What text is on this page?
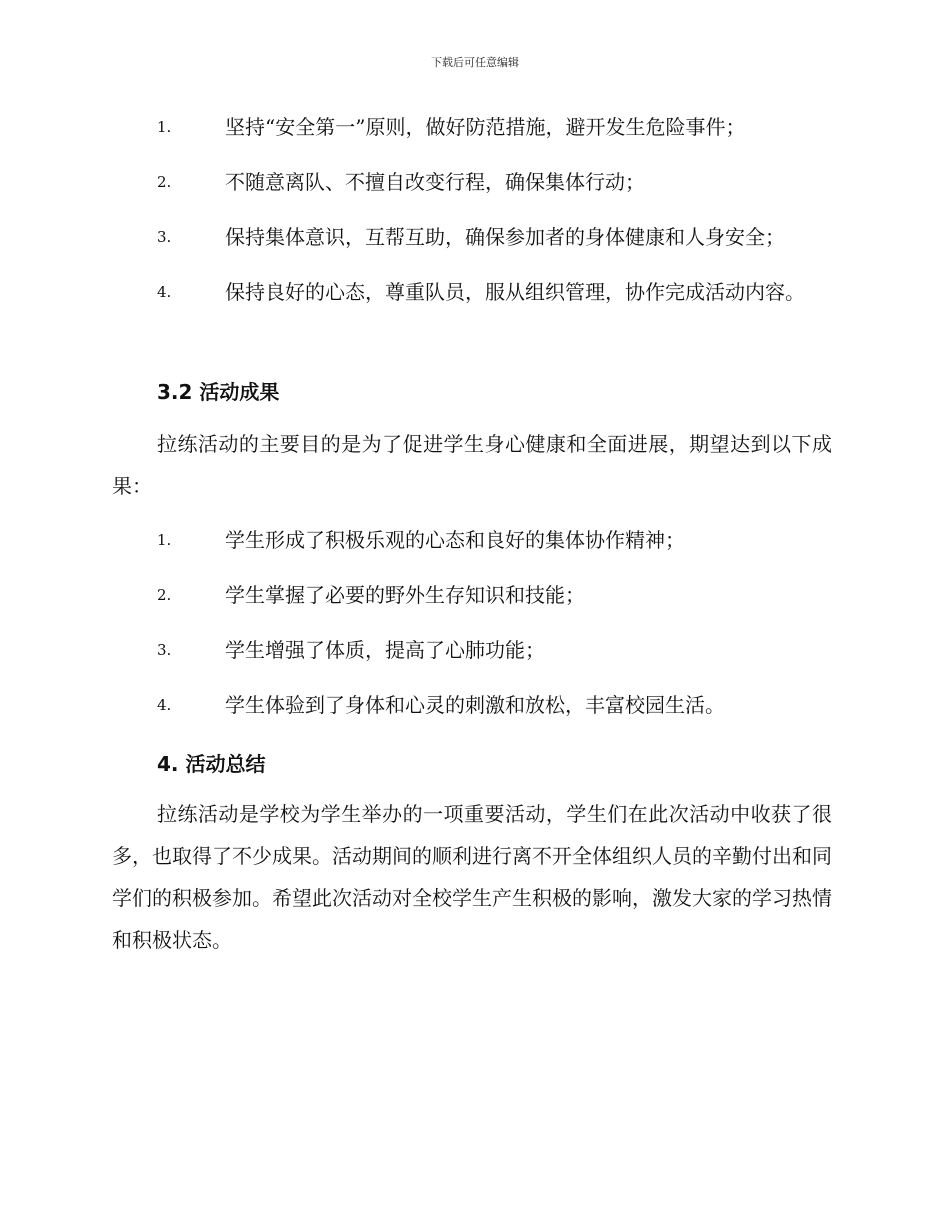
下载后可任意编辑
1.	坚持“安全第一”原则，做好防范措施，避开发生危险事件；
2.	不随意离队、不擅自改变行程，确保集体行动；
3.	保持集体意识，互帮互助，确保参加者的身体健康和人身安全；
4.	保持良好的心态，尊重队员，服从组织管理，协作完成活动内容。
3.2 活动成果

拉练活动的主要目的是为了促进学生身心健康和全面进展，期望达到以下成果：

1.	学生形成了积极乐观的心态和良好的集体协作精神；
2.	学生掌握了必要的野外生存知识和技能；
3.	学生增强了体质，提高了心肺功能；
4.	学生体验到了身体和心灵的刺激和放松，丰富校园生活。
4. 活动总结

拉练活动是学校为学生举办的一项重要活动，学生们在此次活动中收获了很多，也取得了不少成果。活动期间的顺利进行离不开全体组织人员的辛勤付出和同学们的积极参加。希望此次活动对全校学生产生积极的影响，激发大家的学习热情和积极状态。
